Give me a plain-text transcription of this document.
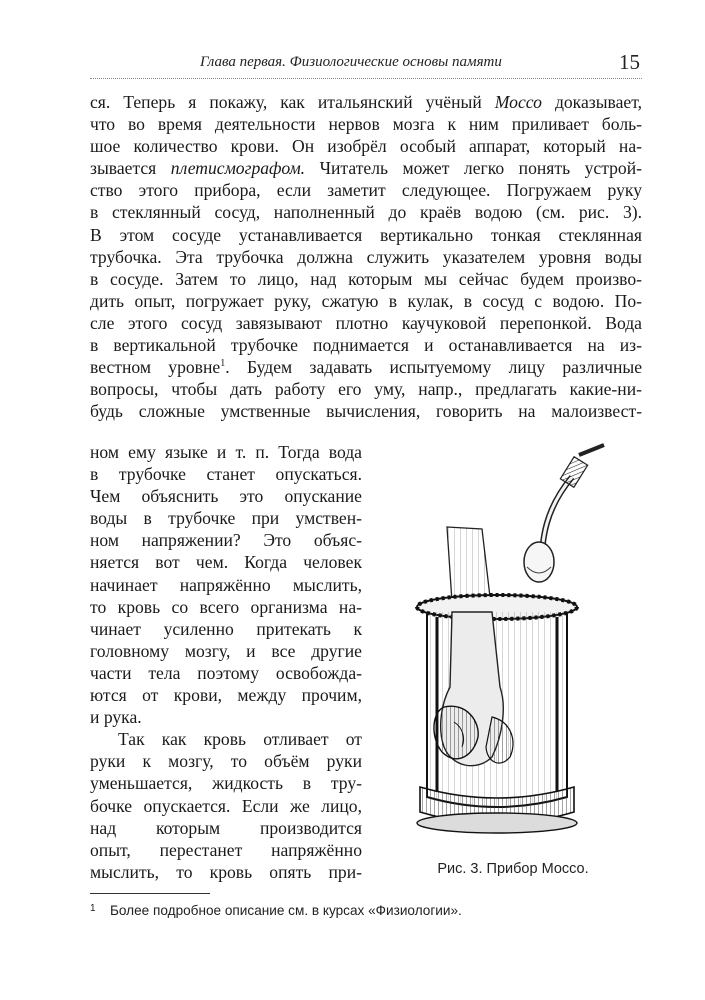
Глава первая. Физиологические основы памяти	15
ся. Теперь я покажу, как итальянский учёный Моссо доказывает,
что во время деятельности нервов мозга к ним приливает боль-
шое количество крови. Он изобрёл особый аппарат, который на-
зывается плетисмографом. Читатель может легко понять устрой-
ство этого прибора, если заметит следующее. Погружаем руку
в стеклянный сосуд, наполненный до краёв водою (см. рис. 3).
В этом сосуде устанавливается вертикально тонкая стеклянная
трубочка. Эта трубочка должна служить указателем уровня воды
в сосуде. Затем то лицо, над которым мы сейчас будем произво-
дить опыт, погружает руку, сжатую в кулак, в сосуд с водою. По-
сле этого сосуд завязывают плотно каучуковой перепонкой. Вода
в вертикальной трубочке поднимается и останавливается на из-
вестном уровне$^1$. Будем задавать испытуемому лицу различные
вопросы, чтобы дать работу его уму, напр., предлагать какие-ни-
будь сложные умственные вычисления, говорить на малоизвест-
ном ему языке и т. п. Тогда вода
в трубочке станет опускаться.
Чем объяснить это опускание
воды в трубочке при умствен-
ном напряжении? Это объяс-
няется вот чем. Когда человек
начинает напряжённо мыслить,
то кровь со всего организма на-
чинает усиленно притекать к
головному мозгу, и все другие
части тела поэтому освобожда-
ются от крови, между прочим,
и рука.
Так как кровь отливает от
руки к мозгу, то объём руки
уменьшается, жидкость в тру-
бочке опускается. Если же лицо,
над которым производится
опыт, перестанет напряжённо
мыслить, то кровь опять при-	Рис. 3. Прибор Моссо.
1 Более подробное описание см. в курсах «Физиологии».
